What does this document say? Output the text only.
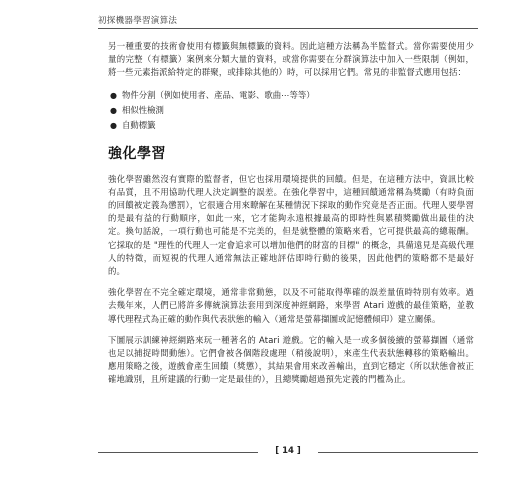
初探機器學習演算法

另一種重要的技術會使用有標籤與無標籤的資料。因此這種方法稱為半監督式。當你需要使用少量的完整（有標籤）案例來分類大量的資料，或當你需要在分群演算法中加入一些限制（例如，將一些元素指派給特定的群聚，或排除其他的）時，可以採用它們。常見的非監督式應用包括：

● 物件分割（例如使用者、產品、電影、歌曲⋯等等）
● 相似性檢測
● 自動標籤
強化學習

強化學習雖然沒有實際的監督者，但它也採用環境提供的回饋。但是，在這種方法中，資訊比較有品質，且不用協助代理人決定調整的誤差。在強化學習中，這種回饋通常稱為獎勵（有時負面的回饋被定義為懲罰），它很適合用來瞭解在某種情況下採取的動作究竟是否正面。代理人要學習的是最有益的行動順序，如此一來，它才能夠永遠根據最高的即時性與累積獎勵做出最佳的決定。換句話說，一項行動也可能是不完美的，但是就整體的策略來看，它可提供最高的總報酬。它採取的是 "理性的代理人一定會追求可以增加他們的財富的目標" 的概念，具備遠見是高級代理人的特徵，而短視的代理人通常無法正確地評估即時行動的後果，因此他們的策略都不是最好的。

強化學習在不完全確定環境，通常非常動態，以及不可能取得準確的誤差量值時特別有效率。過去幾年來，人們已將許多傳統演算法套用到深度神經網路，來學習 Atari 遊戲的最佳策略，並教導代理程式為正確的動作與代表狀態的輸入（通常是螢幕擷圖或記憶體傾印）建立關係。

下圖展示訓練神經網路來玩一種著名的 Atari 遊戲。它的輸入是一或多個後續的螢幕擷圖（通常也足以捕捉時間動態）。它們會被各個階段處理（稍後說明），來產生代表狀態轉移的策略輸出。應用策略之後，遊戲會產生回饋（獎懲），其結果會用來改善輸出，直到它穩定（所以狀態會被正確地識別，且所建議的行動一定是最佳的），且總獎勵超過預先定義的門檻為止。

[ 14 ]
